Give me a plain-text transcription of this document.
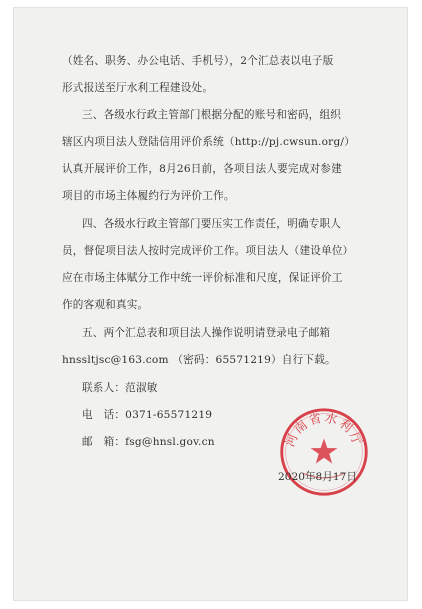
（姓名、职务、办公电话、手机号），2个汇总表以电子版
形式报送至厅水利工程建设处。
三、各级水行政主管部门根据分配的账号和密码，组织
辖区内项目法人登陆信用评价系统（http://pj.cwsun.org/）
认真开展评价工作，8月26日前，各项目法人要完成对参建
项目的市场主体履约行为评价工作。
四、各级水行政主管部门要压实工作责任，明确专职人
员，督促项目法人按时完成评价工作。项目法人（建设单位）
应在市场主体赋分工作中统一评价标准和尺度，保证评价工
作的客观和真实。
五、两个汇总表和项目法人操作说明请登录电子邮箱
hnssltjsc@163.com （密码：65571219）自行下载。
联系人：范淑敏
电　话：0371-65571219
邮　箱：fsg@hnsl.gov.cn	河南省水利厅
2020年8月17日
